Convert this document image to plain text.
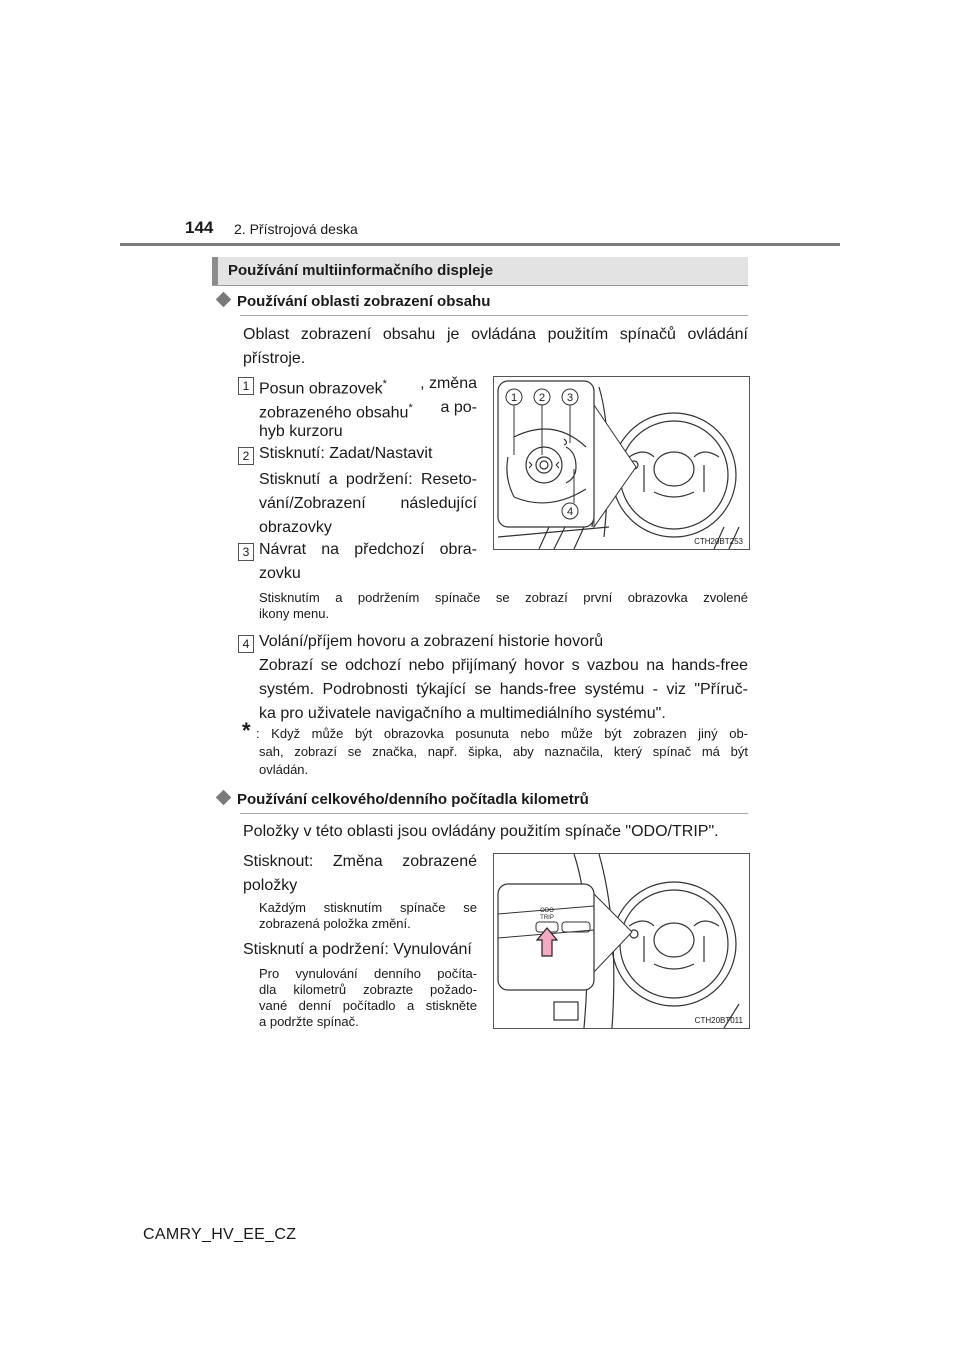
144 2. Přístrojová deska
Používání multiinformačního displeje
Používání oblasti zobrazení obsahu
Oblast zobrazení obsahu je ovládána použitím spínačů ovládání
přístroje.
1 Posun obrazovek* , změna
zobrazeného obsahu* a po-
hyb kurzoru
2 Stisknutí: Zadat/Nastavit
Stisknutí a podržení: Reseto-
vání/Zobrazení následující
obrazovky
3 Návrat na předchozí obra-
zovku
1 2 3
4
CTH20BT253
Stisknutím a podržením spínače se zobrazí první obrazovka zvolené
ikony menu.
4 Volání/příjem hovoru a zobrazení historie hovorů
Zobrazí se odchozí nebo přijímaný hovor s vazbou na hands-free
systém. Podrobnosti týkající se hands-free systému - viz "Příruč-
ka pro uživatele navigačního a multimediálního systému".
* : Když může být obrazovka posunuta nebo může být zobrazen jiný ob-
sah, zobrazí se značka, např. šipka, aby naznačila, který spínač má být
ovládán.
Používání celkového/denního počítadla kilometrů
Položky v této oblasti jsou ovládány použitím spínače "ODO/TRIP".
Stisknout: Změna zobrazené
položky
Každým stisknutím spínače se
zobrazená položka změní.
Stisknutí a podržení: Vynulování
Pro vynulování denního počíta-
dla kilometrů zobrazte požado-
vané denní počítadlo a stiskněte
a podržte spínač.
ODO
TRIP
CTH20BT011
CAMRY_HV_EE_CZ
